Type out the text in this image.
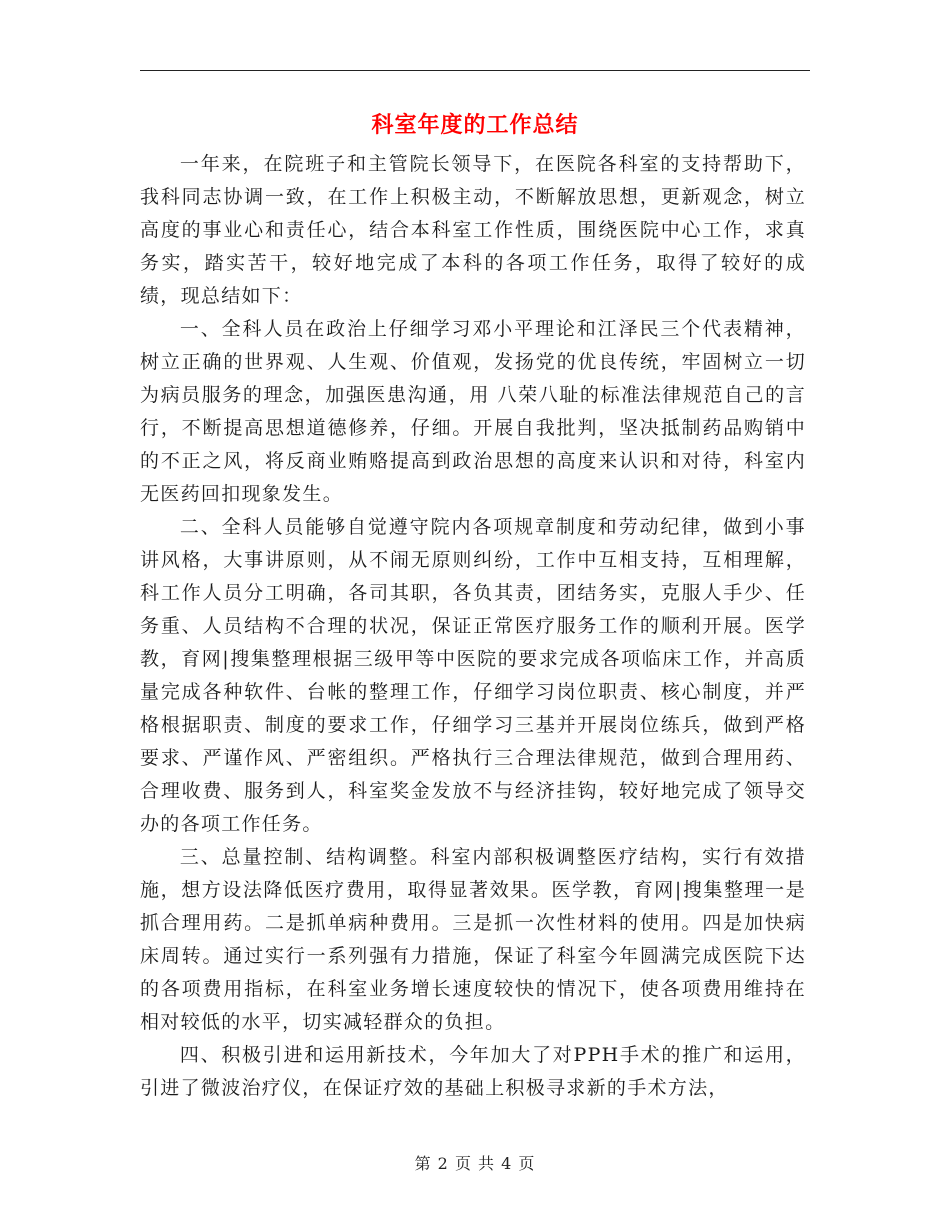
科室年度的工作总结

一年来，在院班子和主管院长领导下，在医院各科室的支持帮助下，我科同志协调一致，在工作上积极主动，不断解放思想，更新观念，树立高度的事业心和责任心，结合本科室工作性质，围绕医院中心工作，求真务实，踏实苦干，较好地完成了本科的各项工作任务，取得了较好的成绩，现总结如下：

一、全科人员在政治上仔细学习邓小平理论和江泽民三个代表精神，树立正确的世界观、人生观、价值观，发扬党的优良传统，牢固树立一切为病员服务的理念，加强医患沟通，用 八荣八耻的标准法律规范自己的言行，不断提高思想道德修养，仔细。开展自我批判，坚决抵制药品购销中的不正之风，将反商业贿赂提高到政治思想的高度来认识和对待，科室内无医药回扣现象发生。

二、全科人员能够自觉遵守院内各项规章制度和劳动纪律，做到小事讲风格，大事讲原则，从不闹无原则纠纷，工作中互相支持，互相理解，科工作人员分工明确，各司其职，各负其责，团结务实，克服人手少、任务重、人员结构不合理的状况，保证正常医疗服务工作的顺利开展。医学教，育网|搜集整理根据三级甲等中医院的要求完成各项临床工作，并高质量完成各种软件、台帐的整理工作，仔细学习岗位职责、核心制度，并严格根据职责、制度的要求工作，仔细学习三基并开展岗位练兵，做到严格要求、严谨作风、严密组织。严格执行三合理法律规范，做到合理用药、合理收费、服务到人，科室奖金发放不与经济挂钩，较好地完成了领导交办的各项工作任务。

三、总量控制、结构调整。科室内部积极调整医疗结构，实行有效措施，想方设法降低医疗费用，取得显著效果。医学教，育网|搜集整理一是抓合理用药。二是抓单病种费用。三是抓一次性材料的使用。四是加快病床周转。通过实行一系列强有力措施，保证了科室今年圆满完成医院下达的各项费用指标，在科室业务增长速度较快的情况下，使各项费用维持在相对较低的水平，切实减轻群众的负担。

四、积极引进和运用新技术，今年加大了对PPH手术的推广和运用，引进了微波治疗仪，在保证疗效的基础上积极寻求新的手术方法，

第 2 页 共 4 页
